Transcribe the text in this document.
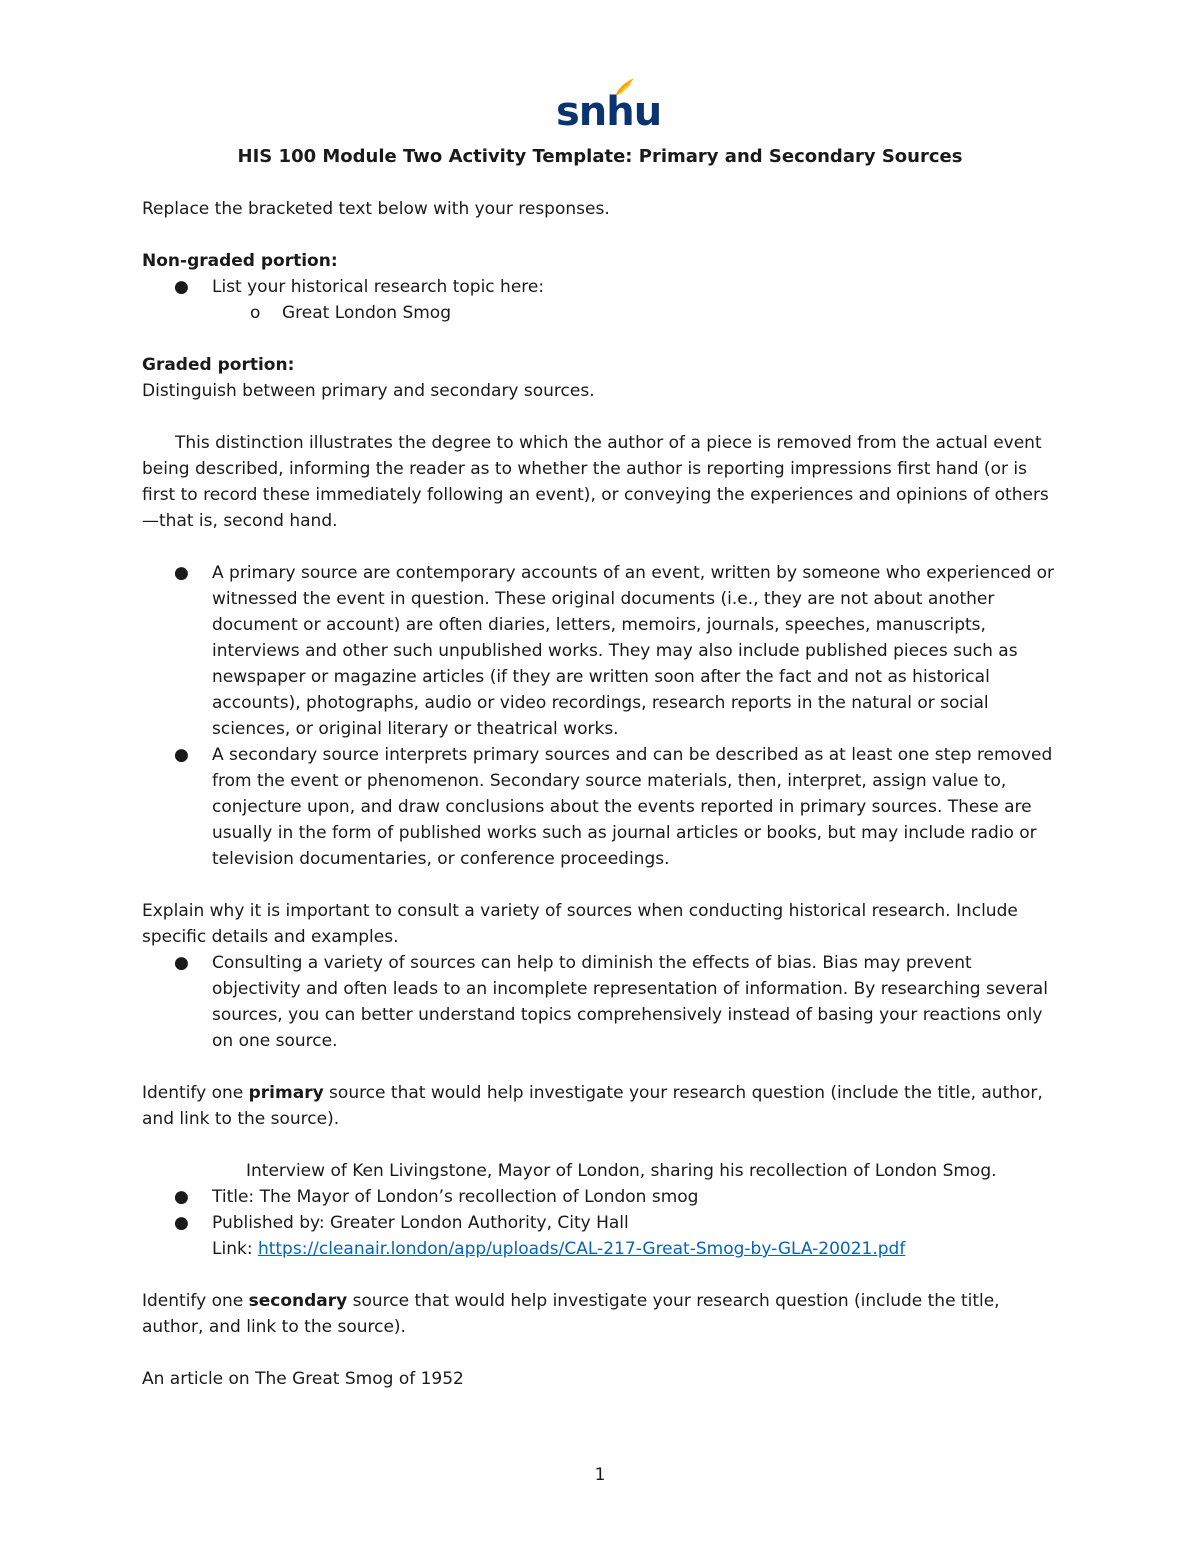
snhu
HIS 100 Module Two Activity Template: Primary and Secondary Sources

Replace the bracketed text below with your responses.

Non-graded portion:

● List your historical research topic here:
o Great London Smog

Graded portion:

Distinguish between primary and secondary sources.

This distinction illustrates the degree to which the author of a piece is removed from the actual event being described, informing the reader as to whether the author is reporting impressions first hand (or is first to record these immediately following an event), or conveying the experiences and opinions of others—that is, second hand.

● A primary source are contemporary accounts of an event, written by someone who experienced or witnessed the event in question. These original documents (i.e., they are not about another document or account) are often diaries, letters, memoirs, journals, speeches, manuscripts, interviews and other such unpublished works. They may also include published pieces such as newspaper or magazine articles (if they are written soon after the fact and not as historical accounts), photographs, audio or video recordings, research reports in the natural or social sciences, or original literary or theatrical works.
● A secondary source interprets primary sources and can be described as at least one step removed from the event or phenomenon. Secondary source materials, then, interpret, assign value to, conjecture upon, and draw conclusions about the events reported in primary sources. These are usually in the form of published works such as journal articles or books, but may include radio or television documentaries, or conference proceedings.

Explain why it is important to consult a variety of sources when conducting historical research. Include specific details and examples.

● Consulting a variety of sources can help to diminish the effects of bias. Bias may prevent objectivity and often leads to an incomplete representation of information. By researching several sources, you can better understand topics comprehensively instead of basing your reactions only on one source.

Identify one primary source that would help investigate your research question (include the title, author, and link to the source).

Interview of Ken Livingstone, Mayor of London, sharing his recollection of London Smog.

● Title: The Mayor of London’s recollection of London smog
● Published by: Greater London Authority, City Hall

Link: https://cleanair.london/app/uploads/CAL-217-Great-Smog-by-GLA-20021.pdf

Identify one secondary source that would help investigate your research question (include the title, author, and link to the source).

An article on The Great Smog of 1952

1
